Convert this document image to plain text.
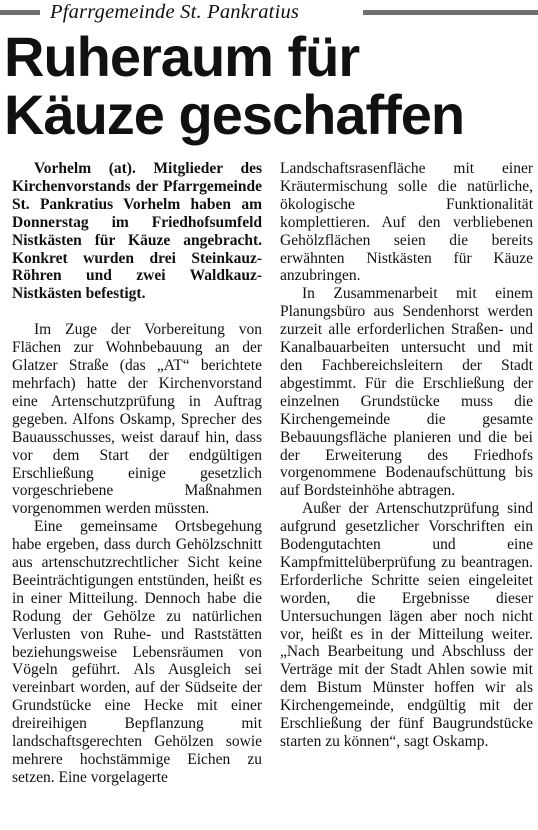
Pfarrgemeinde St. Pankratius
Ruheraum für
Käuze geschaffen

Vorhelm (at). Mitglieder des Kirchenvorstands der Pfarrgemeinde St. Pankratius Vorhelm haben am Donnerstag im Friedhofsumfeld Nistkästen für Käuze angebracht. Konkret wurden drei Steinkauz-Röhren und zwei Waldkauz-Nistkästen befestigt.

Im Zuge der Vorbereitung von Flächen zur Wohnbebauung an der Glatzer Straße (das „AT“ berichtete mehrfach) hatte der Kirchenvorstand eine Artenschutzprüfung in Auftrag gegeben. Alfons Oskamp, Sprecher des Bauausschusses, weist darauf hin, dass vor dem Start der endgültigen Erschließung einige gesetzlich vorgeschriebene Maßnahmen vorgenommen werden müssten.

Eine gemeinsame Ortsbegehung habe ergeben, dass durch Gehölzschnitt aus artenschutzrechtlicher Sicht keine Beeinträchtigungen entstünden, heißt es in einer Mitteilung. Dennoch habe die Rodung der Gehölze zu natürlichen Verlusten von Ruhe- und Raststätten beziehungsweise Lebensräumen von Vögeln geführt. Als Ausgleich sei vereinbart worden, auf der Südseite der Grundstücke eine Hecke mit einer dreireihigen Bepflanzung mit landschaftsgerechten Gehölzen sowie mehrere hochstämmige Eichen zu setzen. Eine vorgelagerte

Landschaftsrasenfläche mit einer Kräutermischung solle die natürliche, ökologische Funktionalität komplettieren. Auf den verbliebenen Gehölzflächen seien die bereits erwähnten Nistkästen für Käuze anzubringen.

In Zusammenarbeit mit einem Planungsbüro aus Sendenhorst werden zurzeit alle erforderlichen Straßen- und Kanalbauarbeiten untersucht und mit den Fachbereichsleitern der Stadt abgestimmt. Für die Erschließung der einzelnen Grundstücke muss die Kirchengemeinde die gesamte Bebauungsfläche planieren und die bei der Erweiterung des Friedhofs vorgenommene Bodenaufschüttung bis auf Bordsteinhöhe abtragen.

Außer der Artenschutzprüfung sind aufgrund gesetzlicher Vorschriften ein Bodengutachten und eine Kampfmittelüberprüfung zu beantragen. Erforderliche Schritte seien eingeleitet worden, die Ergebnisse dieser Untersuchungen lägen aber noch nicht vor, heißt es in der Mitteilung weiter. „Nach Bearbeitung und Abschluss der Verträge mit der Stadt Ahlen sowie mit dem Bistum Münster hoffen wir als Kirchengemeinde, endgültig mit der Erschließung der fünf Baugrundstücke starten zu können“, sagt Oskamp.
